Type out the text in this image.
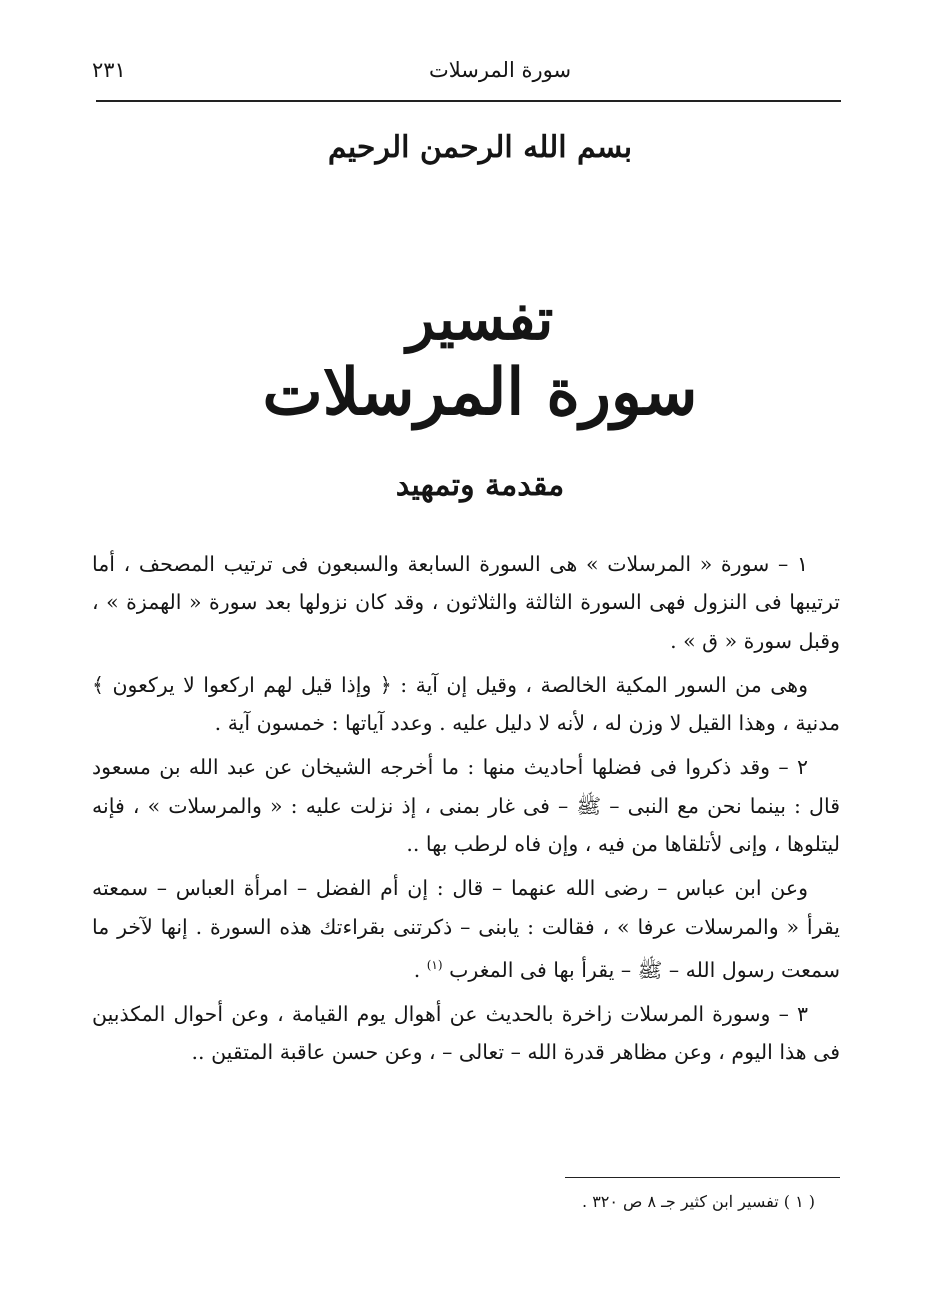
٢٣١	سورة المرسلات
بسم الله الرحمن الرحيم
تفسير
سورة المرسلات
مقدمة وتمهيد

١ – سورة « المرسلات » هى السورة السابعة والسبعون فى ترتيب المصحف ، أما ترتيبها فى النزول فهى السورة الثالثة والثلاثون ، وقد كان نزولها بعد سورة « الهمزة » ، وقبل سورة « ق » .

وهى من السور المكية الخالصة ، وقيل إن آية : ﴿ وإذا قيل لهم اركعوا لا يركعون ﴾ مدنية ، وهذا القيل لا وزن له ، لأنه لا دليل عليه . وعدد آياتها : خمسون آية .

٢ – وقد ذكروا فى فضلها أحاديث منها : ما أخرجه الشيخان عن عبد الله بن مسعود قال : بينما نحن مع النبى – ﷺ – فى غار بمنى ، إذ نزلت عليه : « والمرسلات » ، فإنه ليتلوها ، وإنى لأتلقاها من فيه ، وإن فاه لرطب بها ..

وعن ابن عباس – رضى الله عنهما – قال : إن أم الفضل – امرأة العباس – سمعته يقرأ « والمرسلات عرفا » ، فقالت : يابنى – ذكرتنى بقراءتك هذه السورة . إنها لآخر ما سمعت رسول الله – ﷺ – يقرأ بها فى المغرب $^{(١)}$ .

٣ – وسورة المرسلات زاخرة بالحديث عن أهوال يوم القيامة ، وعن أحوال المكذبين فى هذا اليوم ، وعن مظاهر قدرة الله – تعالى – ، وعن حسن عاقبة المتقين ..

( ١ ) تفسير ابن كثير جـ ٨ ص ٣٢٠ .
